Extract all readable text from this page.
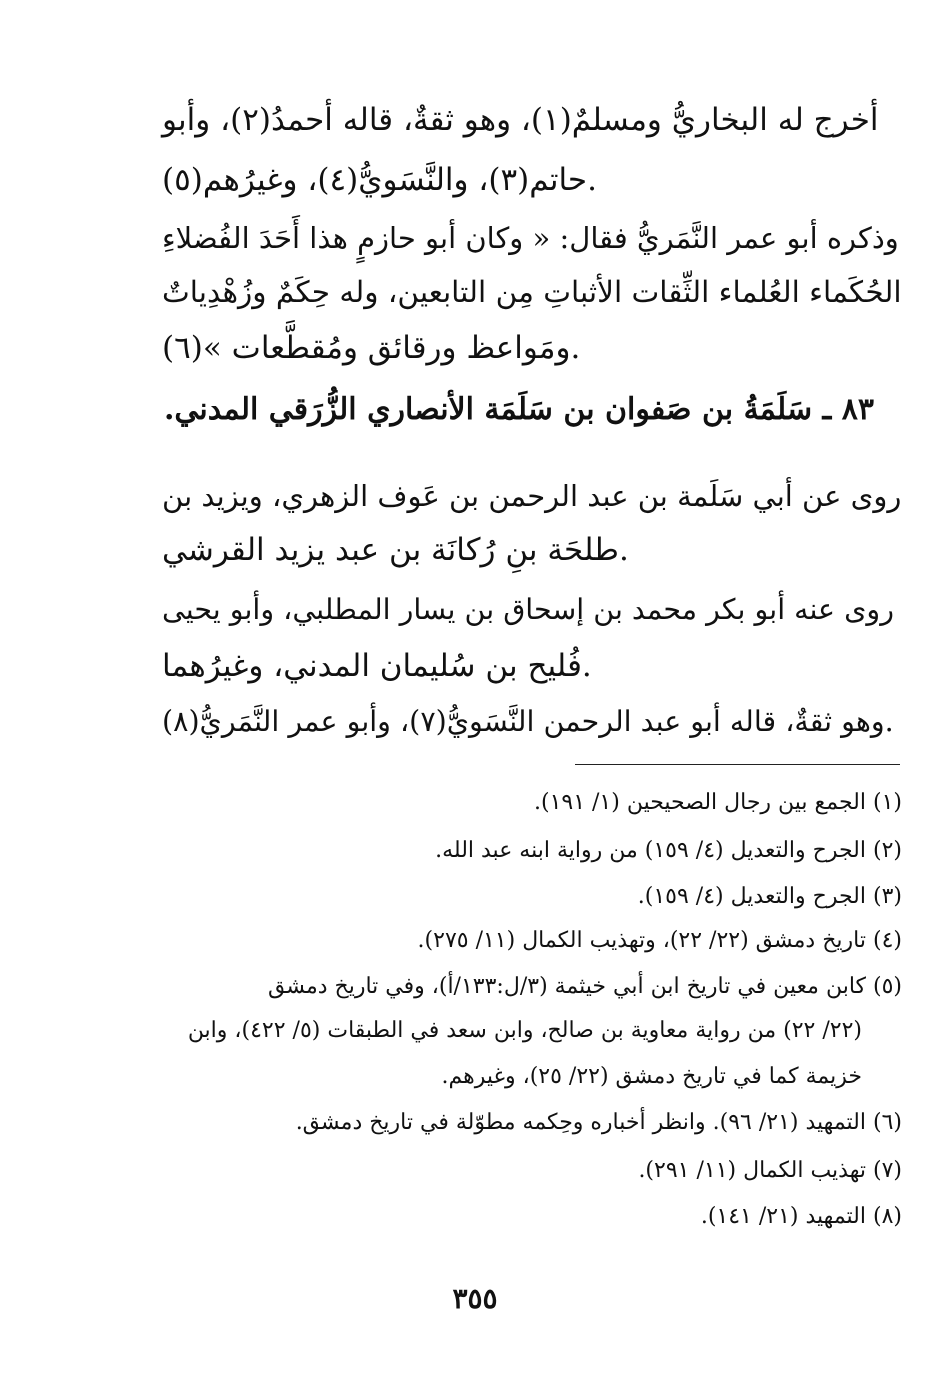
أخرج له البخاريُّ ومسلمٌ(١)، وهو ثقةٌ، قاله أحمدُ(٢)، وأبو
حاتم(٣)، والنَّسَويُّ(٤)، وغيرُهم(٥).
وذكره أبو عمر النَّمَريُّ فقال: « وكان أبو حازمٍ هذا أَحَدَ الفُضلاءِ
الحُكَماء العُلماء الثِّقات الأثباتِ مِن التابعين، وله حِكَمٌ وزُهْدِياتٌ
ومَواعظ ورقائق ومُقطَّعات »(٦).
٨٣ ـ سَلَمَةُ بن صَفوان بن سَلَمَة الأنصاري الزُّرَقي المدني.
روى عن أبي سَلَمة بن عبد الرحمن بن عَوف الزهري، ويزيد بن
طلحَة بنِ رُكانَة بن عبد يزيد القرشي.
روى عنه أبو بكر محمد بن إسحاق بن يسار المطلبي، وأبو يحيى
فُليح بن سُليمان المدني، وغيرُهما.
وهو ثقةٌ، قاله أبو عبد الرحمن النَّسَويُّ(٧)، وأبو عمر النَّمَريُّ(٨).
(١) الجمع بين رجال الصحيحين (١/ ١٩١).
(٢) الجرح والتعديل (٤/ ١٥٩) من رواية ابنه عبد الله.
(٣) الجرح والتعديل (٤/ ١٥٩).
(٤) تاريخ دمشق (٢٢/ ٢٢)، وتهذيب الكمال (١١/ ٢٧٥).
(٥) كابن معين في تاريخ ابن أبي خيثمة (٣/ل:١٣٣/أ)، وفي تاريخ دمشق
(٢٢/ ٢٢) من رواية معاوية بن صالح، وابن سعد في الطبقات (٥/ ٤٢٢)، وابن
خزيمة كما في تاريخ دمشق (٢٢/ ٢٥)، وغيرهم.
(٦) التمهيد (٢١/ ٩٦). وانظر أخباره وحِكمه مطوّلة في تاريخ دمشق.
(٧) تهذيب الكمال (١١/ ٢٩١).
(٨) التمهيد (٢١/ ١٤١).
٣٥٥
